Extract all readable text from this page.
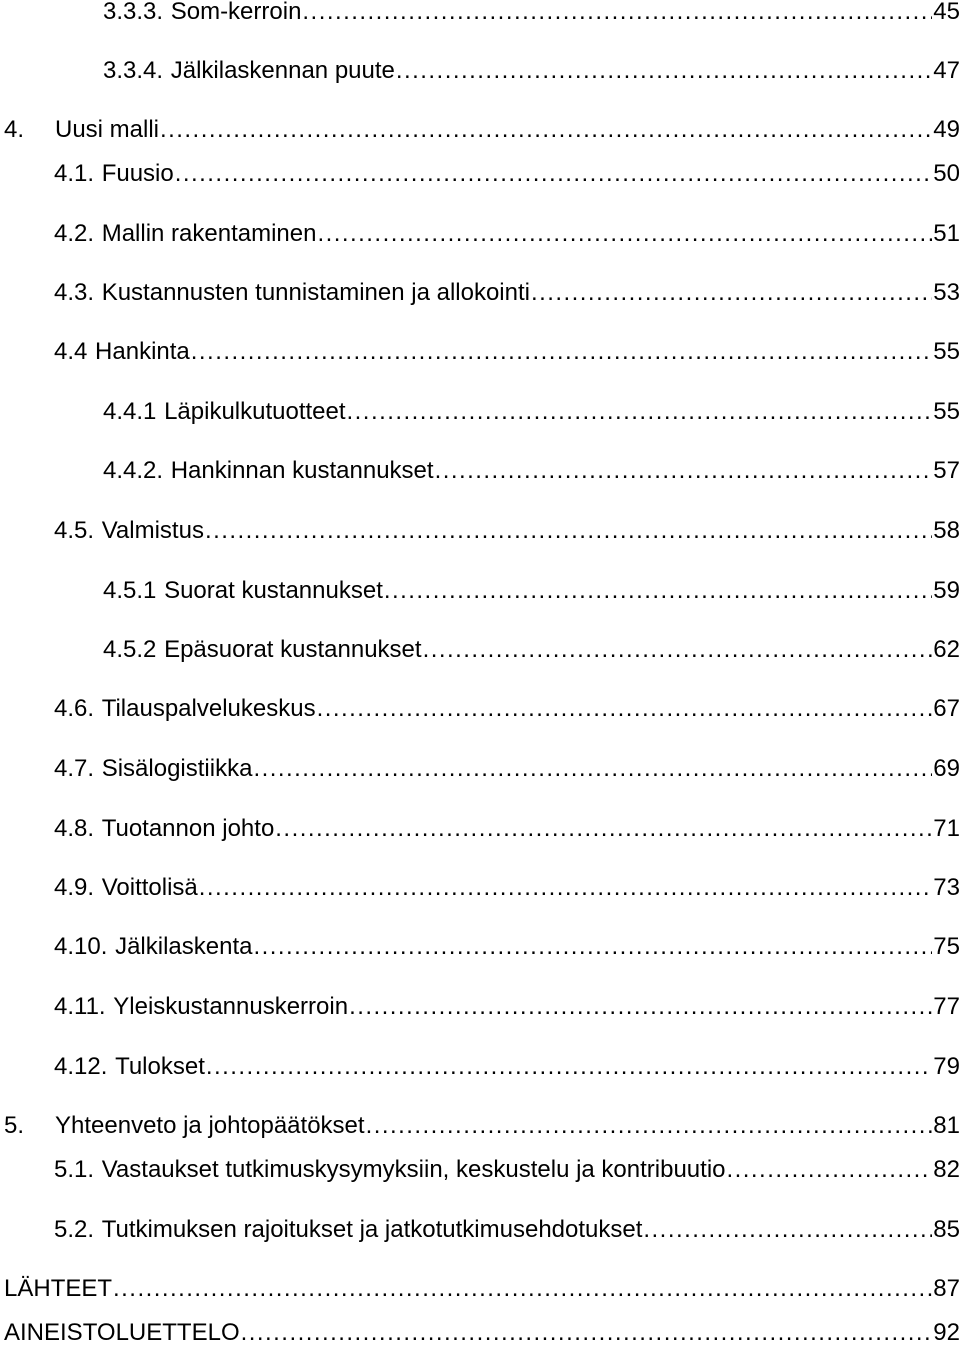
3.3.3. Som-kerroin . . .	45
3.3.4. Jälkilaskennan puute . . .	47
4.	Uusi malli . . .	49
4.1. Fuusio . . .	50
4.2. Mallin rakentaminen . . .	51
4.3. Kustannusten tunnistaminen ja allokointi . . .	53
4.4 Hankinta . . .	55
4.4.1 Läpikulkutuotteet . . .	55
4.4.2. Hankinnan kustannukset . . .	57
4.5. Valmistus . . .	58
4.5.1 Suorat kustannukset . . .	59
4.5.2 Epäsuorat kustannukset . . .	62
4.6. Tilauspalvelukeskus . . .	67
4.7. Sisälogistiikka . . .	69
4.8. Tuotannon johto . . .	71
4.9. Voittolisä . . .	73
4.10. Jälkilaskenta . . .	75
4.11. Yleiskustannuskerroin . . .	77
4.12. Tulokset . . .	79
5.	Yhteenveto ja johtopäätökset . . .	81
5.1. Vastaukset tutkimuskysymyksiin, keskustelu ja kontribuutio . . .	82
5.2. Tutkimuksen rajoitukset ja jatkotutkimusehdotukset . . .	85
LÄHTEET . . .	87
AINEISTOLUETTELO . . .	92
